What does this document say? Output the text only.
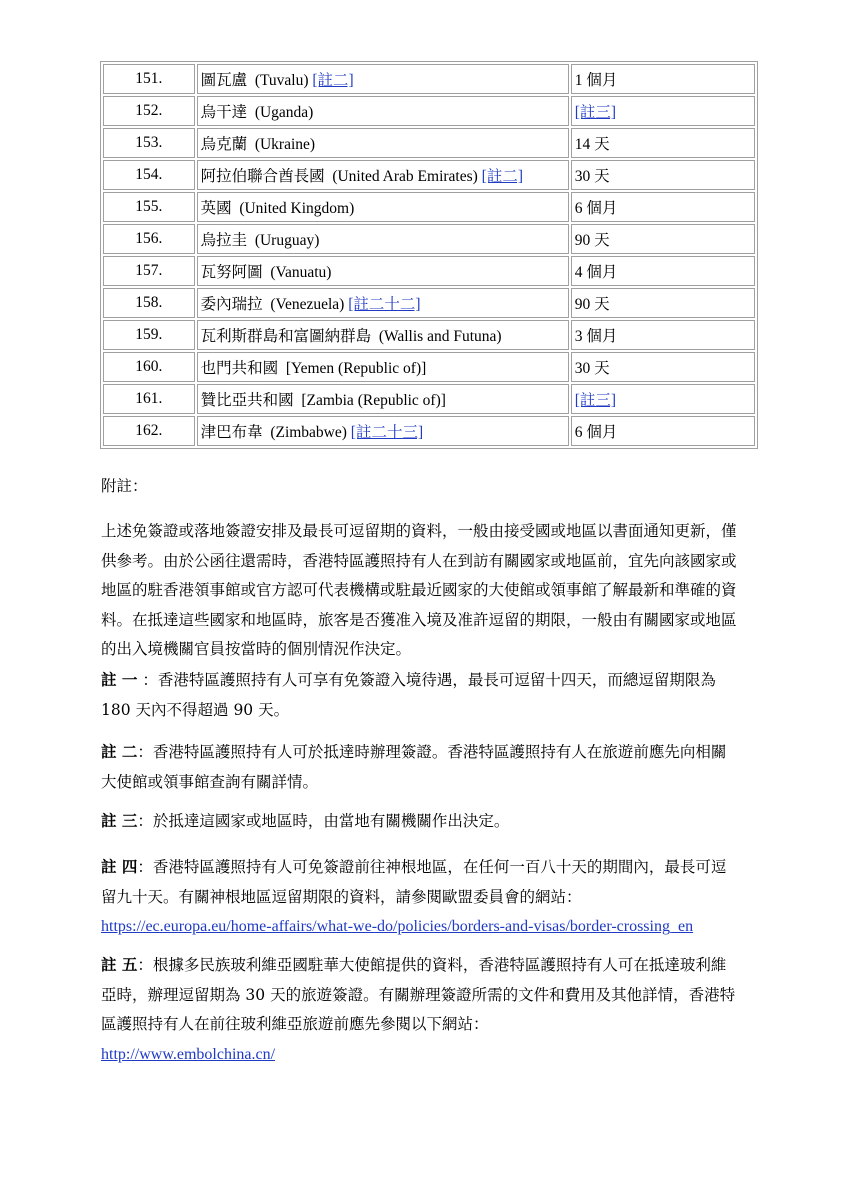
151.	圖瓦盧  (Tuvalu) [註二]	1 個月
152.	烏干達  (Uganda)	[註三]
153.	烏克蘭  (Ukraine)	14 天
154.	阿拉伯聯合酋長國  (United Arab Emirates) [註二]	30 天
155.	英國  (United Kingdom)	6 個月
156.	烏拉圭  (Uruguay)	90 天
157.	瓦努阿圖  (Vanuatu)	4 個月
158.	委內瑞拉  (Venezuela) [註二十二]	90 天
159.	瓦利斯群島和富圖納群島  (Wallis and Futuna)	3 個月
160.	也門共和國  [Yemen (Republic of)]	30 天
161.	贊比亞共和國  [Zambia (Republic of)]	[註三]
162.	津巴布韋  (Zimbabwe) [註二十三]	6 個月

附註：

上述免簽證或落地簽證安排及最長可逗留期的資料，一般由接受國或地區以書面通知更新，僅供參考。由於公函往還需時，香港特區護照持有人在到訪有關國家或地區前，宜先向該國家或地區的駐香港領事館或官方認可代表機構或駐最近國家的大使館或領事館了解最新和準確的資料。在抵達這些國家和地區時，旅客是否獲准入境及准許逗留的期限，一般由有關國家或地區的出入境機關官員按當時的個別情況作決定。

註 一 ：香港特區護照持有人可享有免簽證入境待遇，最長可逗留十四天，而總逗留期限為 180 天內不得超過 90 天。

註 二：香港特區護照持有人可於抵達時辦理簽證。香港特區護照持有人在旅遊前應先向相關大使館或領事館查詢有關詳情。

註 三：於抵達這國家或地區時，由當地有關機關作出決定。

註 四：香港特區護照持有人可免簽證前往神根地區，在任何一百八十天的期間內，最長可逗留九十天。有關神根地區逗留期限的資料，請參閱歐盟委員會的網站：
https://ec.europa.eu/home-affairs/what-we-do/policies/borders-and-visas/border-crossing_en

註 五：根據多民族玻利維亞國駐華大使館提供的資料，香港特區護照持有人可在抵達玻利維亞時，辦理逗留期為 30 天的旅遊簽證。有關辦理簽證所需的文件和費用及其他詳情，香港特區護照持有人在前往玻利維亞旅遊前應先參閱以下網站：
http://www.embolchina.cn/
